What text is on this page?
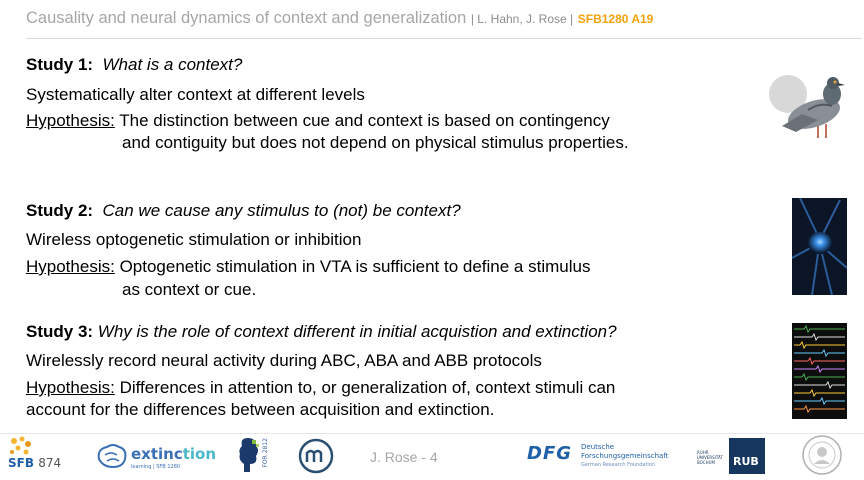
Causality and neural dynamics of context and generalization | L. Hahn, J. Rose | SFB1280 A19
Study 1: What is a context?
Systematically alter context at different levels
Hypothesis: The distinction between cue and context is based on contingency
and contiguity but does not depend on physical stimulus properties.
Study 2: Can we cause any stimulus to (not) be context?
Wireless optogenetic stimulation or inhibition
Hypothesis: Optogenetic stimulation in VTA is sufficient to define a stimulus
as context or cue.
Study 3: Why is the role of context different in initial acquistion and extinction?
Wirelessly record neural activity during ABC, ABA and ABB protocols
Hypothesis: Differences in attention to, or generalization of, context stimuli can
account for the differences between acquisition and extinction.
SFB 874	extinction
learning | SFB 1280	FOR 2812	J. Rose - 4	DFG Deutsche
Forschungsgemeinschaft
German Research Foundation
RUHR
UNIVERSITÄT
BOCHUM	RUB
